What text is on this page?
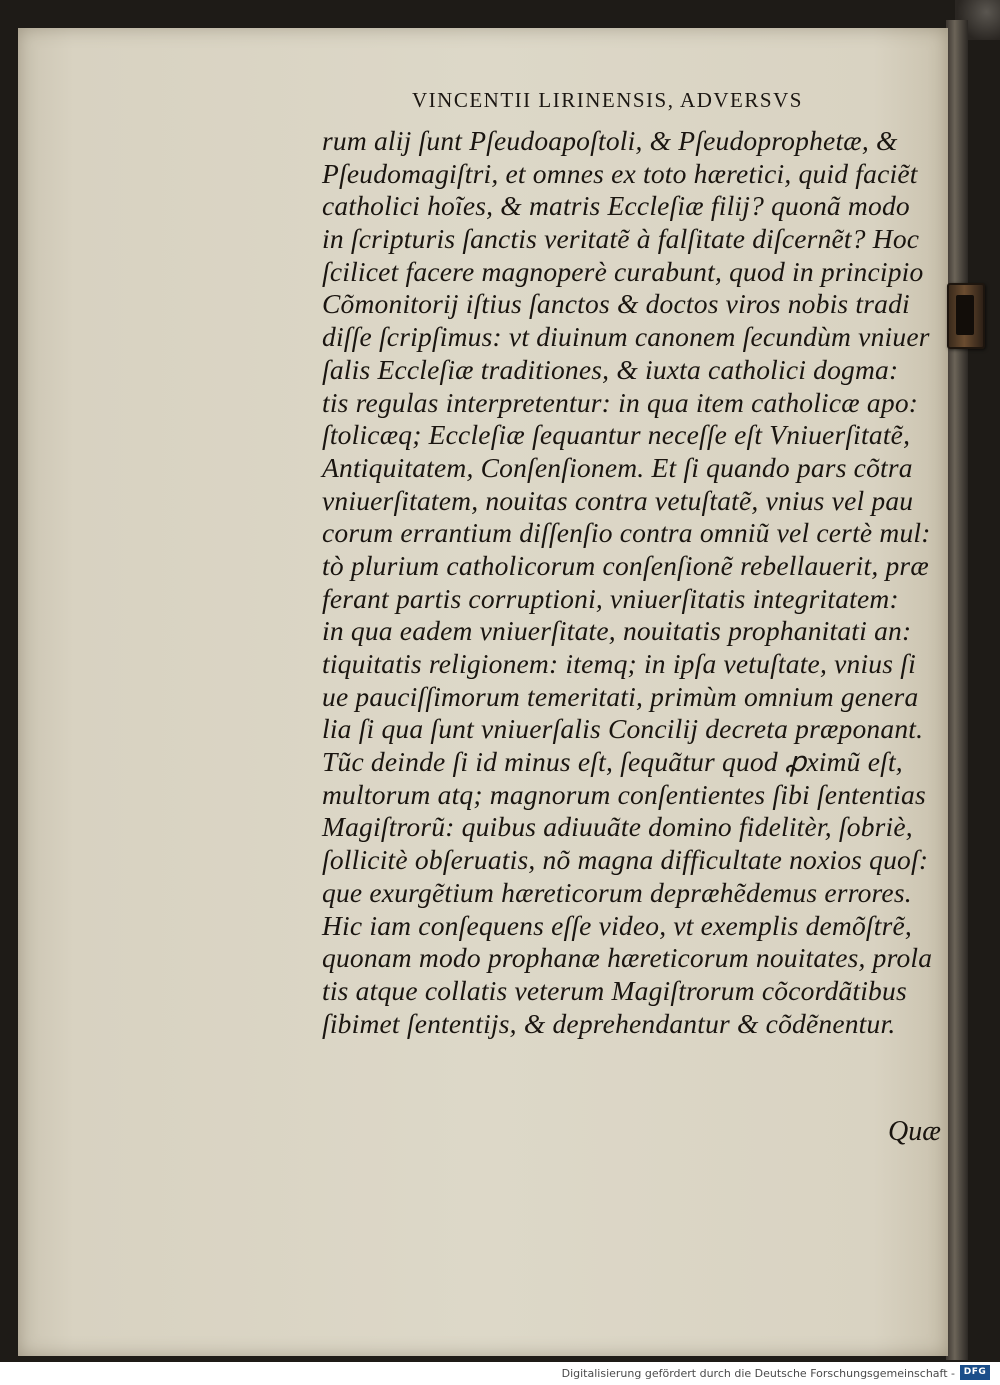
VINCENTII LIRINENSIS, ADVERSVS
rum alij ſunt Pſeudoapoſtoli, & Pſeudoprophetæ, &
Pſeudomagiſtri, et omnes ex toto hæretici, quid faciẽt
catholici hoĩes, & matris Eccleſiæ filij? quonã modo
in ſcripturis ſanctis veritatẽ à falſitate diſcernẽt? Hoc
ſcilicet facere magnoperè curabunt, quod in principio
Cõmonitorij iſtius ſanctos & doctos viros nobis tradi
diſſe ſcripſimus: vt diuinum canonem ſecundùm vniuer
ſalis Eccleſiæ traditiones, & iuxta catholici dogma:
tis regulas interpretentur: in qua item catholicæ apo:
ſtolicæq; Eccleſiæ ſequantur neceſſe eſt Vniuerſitatẽ,
Antiquitatem, Conſenſionem. Et ſi quando pars cõtra
vniuerſitatem, nouitas contra vetuſtatẽ, vnius vel pau
corum errantium diſſenſio contra omniũ vel certè mul:
tò plurium catholicorum conſenſionẽ rebellauerit, præ
ferant partis corruptioni, vniuerſitatis integritatem:
in qua eadem vniuerſitate, nouitatis prophanitati an:
tiquitatis religionem: itemq; in ipſa vetuſtate, vnius ſi
ue pauciſſimorum temeritati, primùm omnium genera
lia ſi qua ſunt vniuerſalis Concilij decreta præponant.
Tũc deinde ſi id minus eſt, ſequãtur quod ꝓximũ eſt,
multorum atq; magnorum conſentientes ſibi ſententias
Magiſtrorũ: quibus adiuuãte domino fidelitèr, ſobriè,
ſollicitè obſeruatis, nõ magna difficultate noxios quoſ:
que exurgẽtium hæreticorum depræhẽdemus errores.
Hic iam conſequens eſſe video, vt exemplis demõſtrẽ,
quonam modo prophanæ hæreticorum nouitates, prola
tis atque collatis veterum Magiſtrorum cõcordãtibus
ſibimet ſententijs, & deprehendantur & cõdẽnentur.
Quæ
Digitalisierung gefördert durch die Deutsche Forschungsgemeinschaft - DFG
